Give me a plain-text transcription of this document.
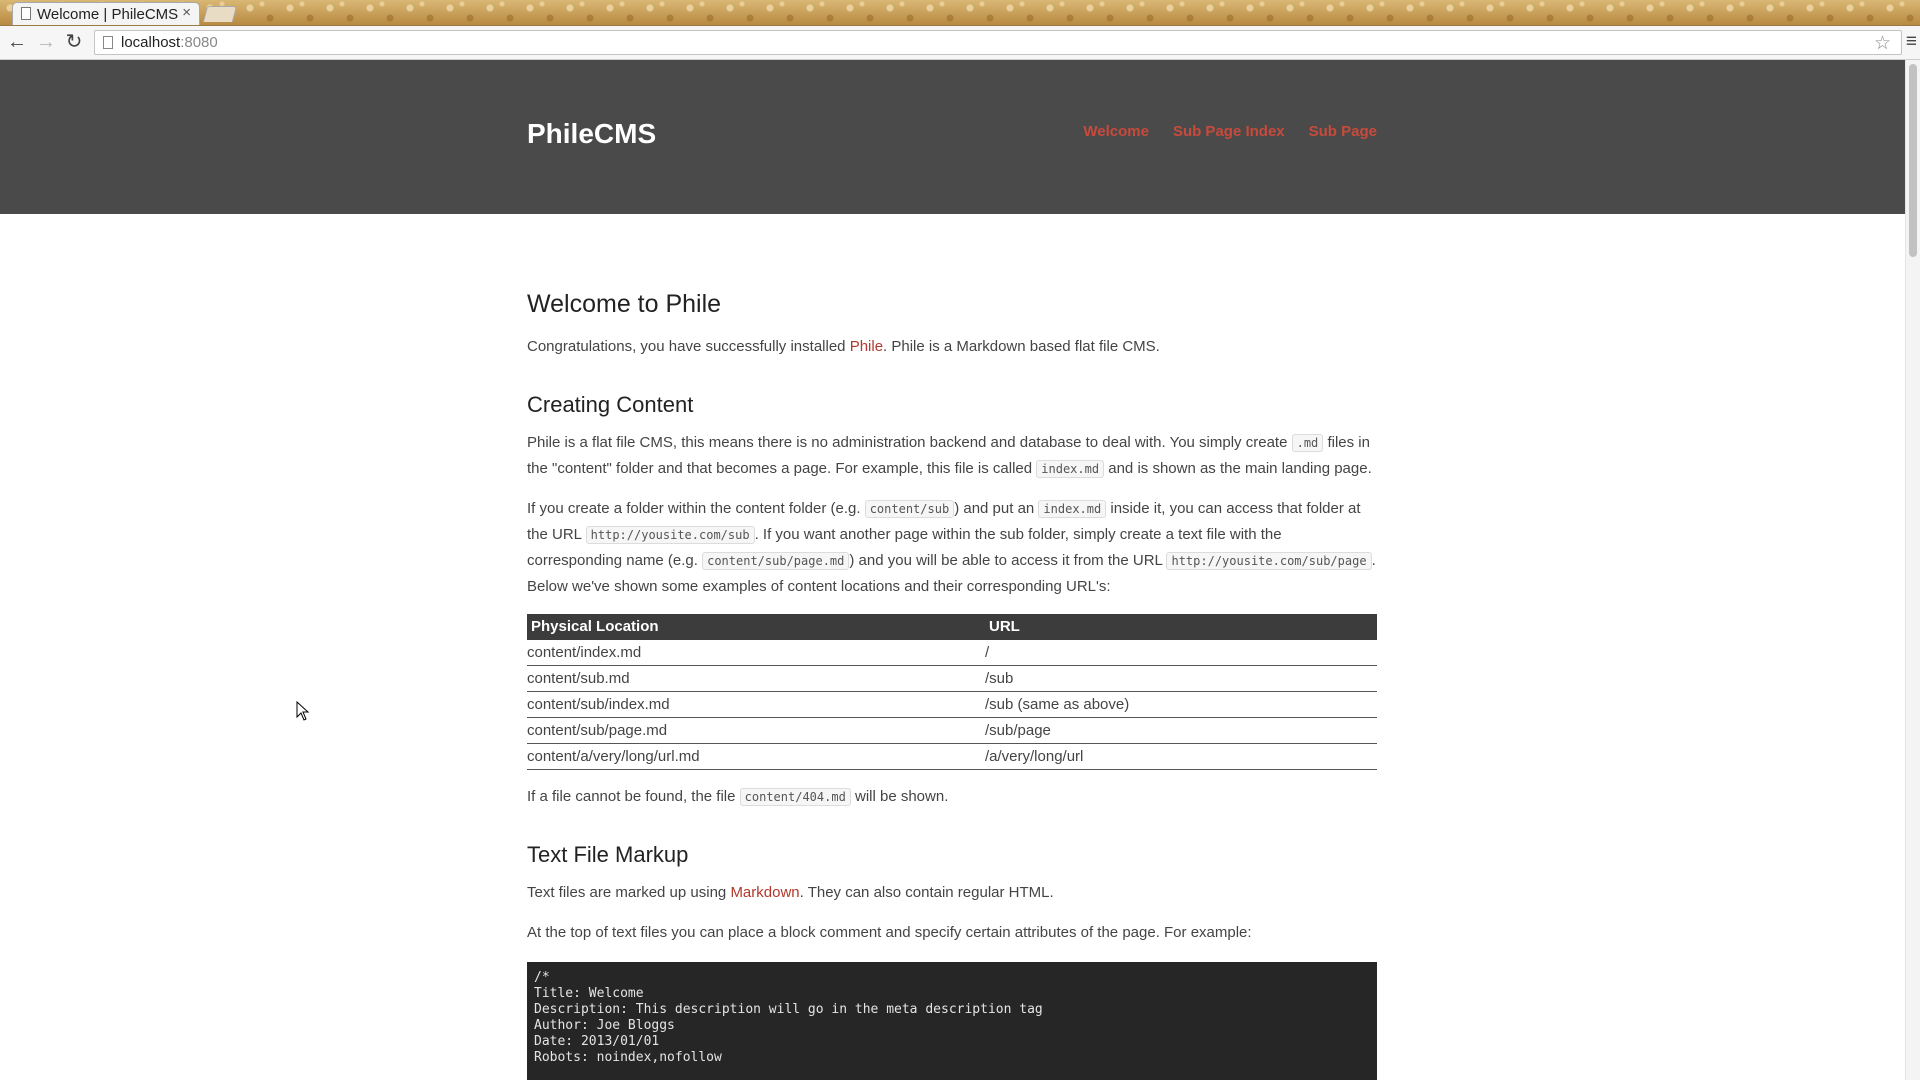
Welcome | PhileCMS ×
← → ↻	localhost:8080	☆ ≡
PhileCMS	Welcome Sub Page Index Sub Page
Welcome to Phile

Congratulations, you have successfully installed Phile. Phile is a Markdown based flat file CMS.

Creating Content

Phile is a flat file CMS, this means there is no administration backend and database to deal with. You simply create .md files in the "content" folder and that becomes a page. For example, this file is called index.md and is shown as the main landing page.

If you create a folder within the content folder (e.g. content/sub ) and put an index.md inside it, you can access that folder at the URL http://yousite.com/sub . If you want another page within the sub folder, simply create a text file with the corresponding name (e.g. content/sub/page.md ) and you will be able to access it from the URL http://yousite.com/sub/page . Below we've shown some examples of content locations and their corresponding URL's:

Physical Location	URL
content/index.md	/
content/sub.md	/sub
content/sub/index.md	/sub (same as above)
content/sub/page.md	/sub/page
content/a/very/long/url.md	/a/very/long/url

If a file cannot be found, the file content/404.md will be shown.

Text File Markup

Text files are marked up using Markdown. They can also contain regular HTML.

At the top of text files you can place a block comment and specify certain attributes of the page. For example:

/*
Title: Welcome
Description: This description will go in the meta description tag
Author: Joe Bloggs
Date: 2013/01/01
Robots: noindex,nofollow
